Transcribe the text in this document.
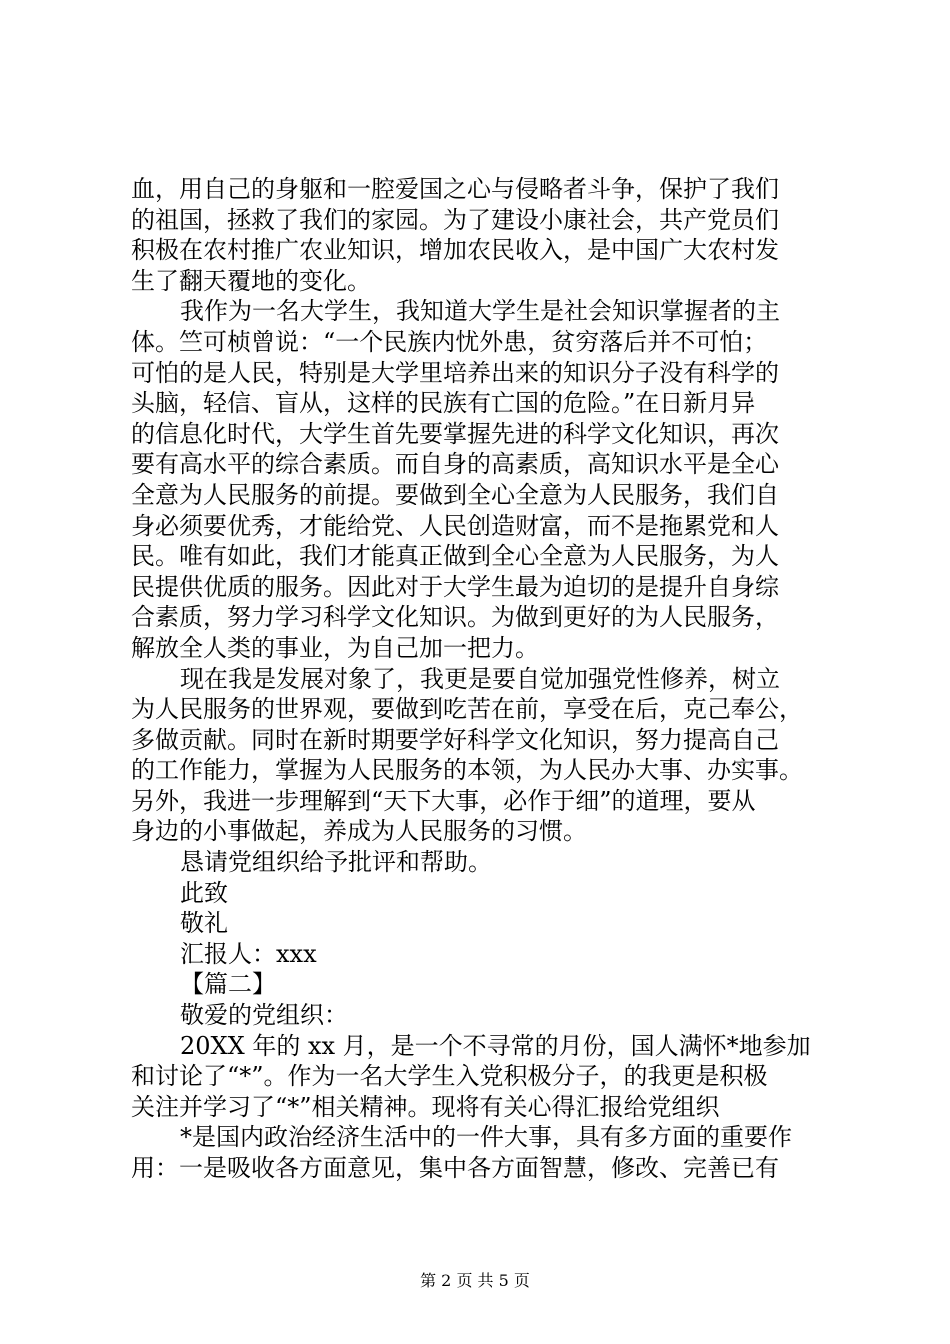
血，用自己的身躯和一腔爱国之心与侵略者斗争，保护了我们
的祖国，拯救了我们的家园。为了建设小康社会，共产党员们
积极在农村推广农业知识，增加农民收入，是中国广大农村发
生了翻天覆地的变化。
我作为一名大学生，我知道大学生是社会知识掌握者的主
体。竺可桢曾说：“一个民族内忧外患，贫穷落后并不可怕；
可怕的是人民，特别是大学里培养出来的知识分子没有科学的
头脑，轻信、盲从，这样的民族有亡国的危险。”在日新月异
的信息化时代，大学生首先要掌握先进的科学文化知识，再次
要有高水平的综合素质。而自身的高素质，高知识水平是全心
全意为人民服务的前提。要做到全心全意为人民服务，我们自
身必须要优秀，才能给党、人民创造财富，而不是拖累党和人
民。唯有如此，我们才能真正做到全心全意为人民服务，为人
民提供优质的服务。因此对于大学生最为迫切的是提升自身综
合素质，努力学习科学文化知识。为做到更好的为人民服务，
解放全人类的事业，为自己加一把力。
现在我是发展对象了，我更是要自觉加强党性修养，树立
为人民服务的世界观，要做到吃苦在前，享受在后，克己奉公，
多做贡献。同时在新时期要学好科学文化知识，努力提高自己
的工作能力，掌握为人民服务的本领，为人民办大事、办实事。
另外，我进一步理解到“天下大事，必作于细”的道理，要从
身边的小事做起，养成为人民服务的习惯。
恳请党组织给予批评和帮助。
此致
敬礼
汇报人：xxx
【篇二】
敬爱的党组织：
20XX 年的 xx 月，是一个不寻常的月份，国人满怀*地参加
和讨论了“*”。作为一名大学生入党积极分子，的我更是积极
关注并学习了“*”相关精神。现将有关心得汇报给党组织
*是国内政治经济生活中的一件大事，具有多方面的重要作
用：一是吸收各方面意见，集中各方面智慧，修改、完善已有
第 2 页 共 5 页
